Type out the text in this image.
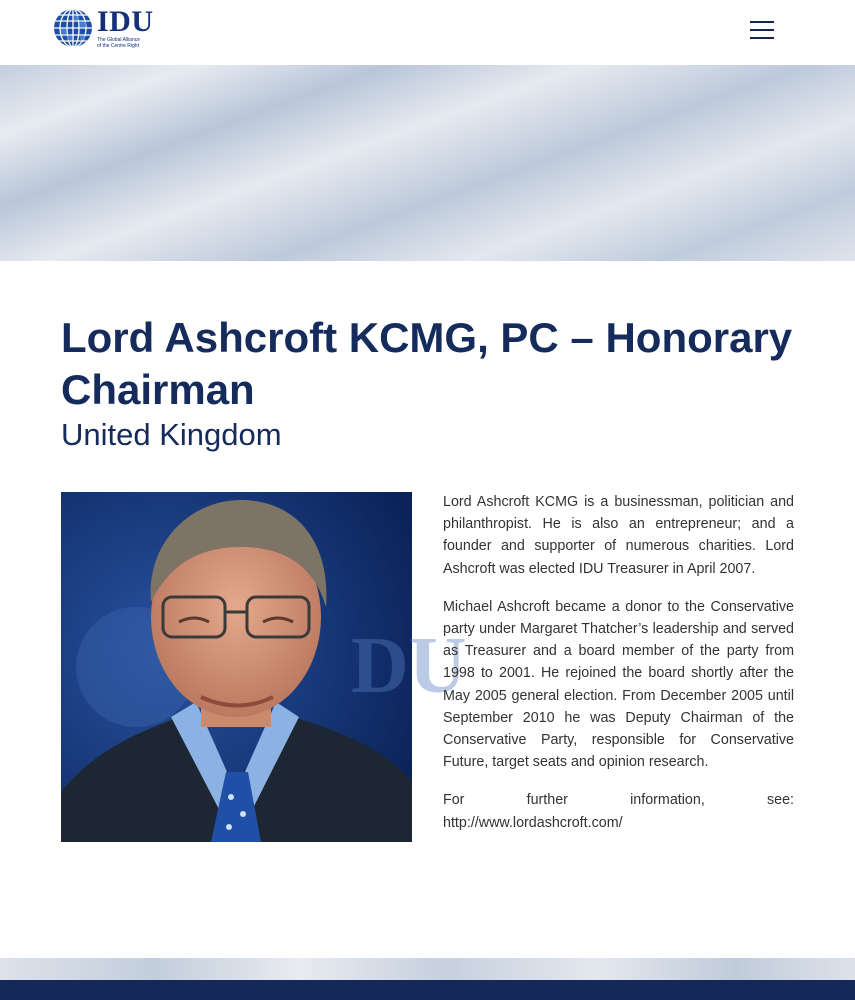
IDU
The Global Alliance
of the Centre Right
Lord Ashcroft KCMG, PC – Honorary Chairman
United Kingdom
DU

Lord Ashcroft KCMG is a businessman, politician and philanthropist. He is also an entrepreneur; and a founder and supporter of numerous charities. Lord Ashcroft was elected IDU Treasurer in April 2007.

Michael Ashcroft became a donor to the Conservative party under Margaret Thatcher’s leadership and served as Treasurer and a board member of the party from 1998 to 2001. He rejoined the board shortly after the May 2005 general election. From December 2005 until September 2010 he was Deputy Chairman of the Conservative Party, responsible for Conservative Future, target seats and opinion research.

For further information, see: http://www.lordashcroft.com/
